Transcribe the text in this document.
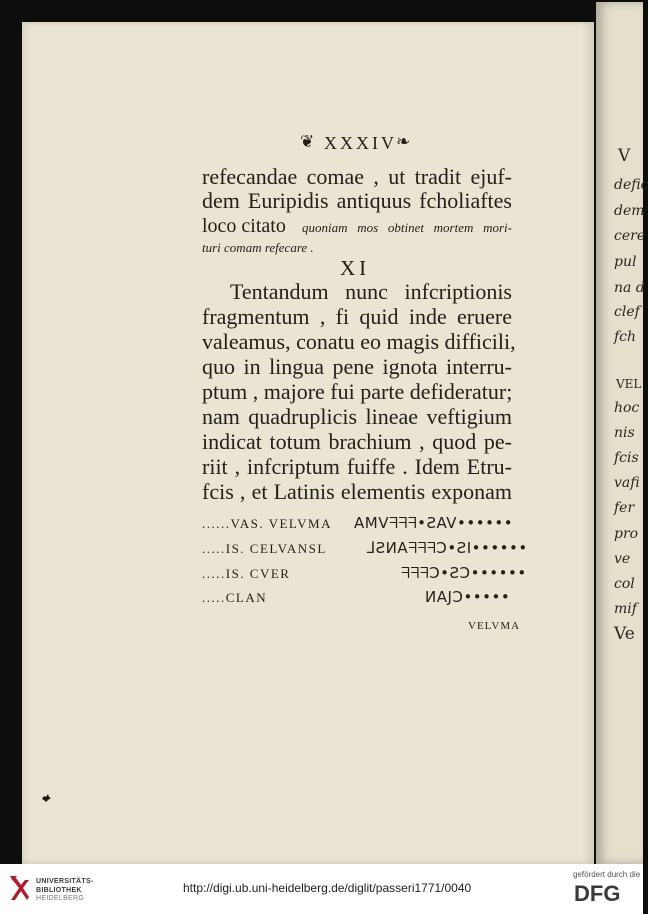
V
defic
dem
cere
pul
na d
clef
fch
VEL
hoc
nis
fcis
vafi
fer
pro
ve
col
mif
Ve
❦ XXXIV ❧
refecandae comae , ut tradit ejuf-
dem Euripidis antiquus fcholiaftes
loco citato quoniam mos obtinet mortem mori-
turi comam refecare .
XI
Tentandum nunc infcriptionis
fragmentum , fi quid inde eruere
valeamus, conatu eo magis difficili,
quo in lingua pene ignota interru-
ptum , majore fui parte defideratur;
nam quadruplicis lineae veftigium
indicat totum brachium , quod pe-
riit , infcriptum fuiffe . Idem Etru-
fcis , et Latinis elementis exponam
......VAS. VELVMA
.....IS. CELVANSL
.....IS. CVER
.....CLAN
ΑΜVᖷᖷᖷ•ƧAV••••••
ᒧƧИAᖷᖷᖷƆ•ƧI••••••
ᖷᖷᖷƆ•ƧƆ••••••
ИAJƆ•••••
VELVMA
UNIVERSITÄTS-
BIBLIOTHEK
HEIDELBERG
http://digi.ub.uni-heidelberg.de/diglit/passeri1771/0040
gefördert durch die
DFG
